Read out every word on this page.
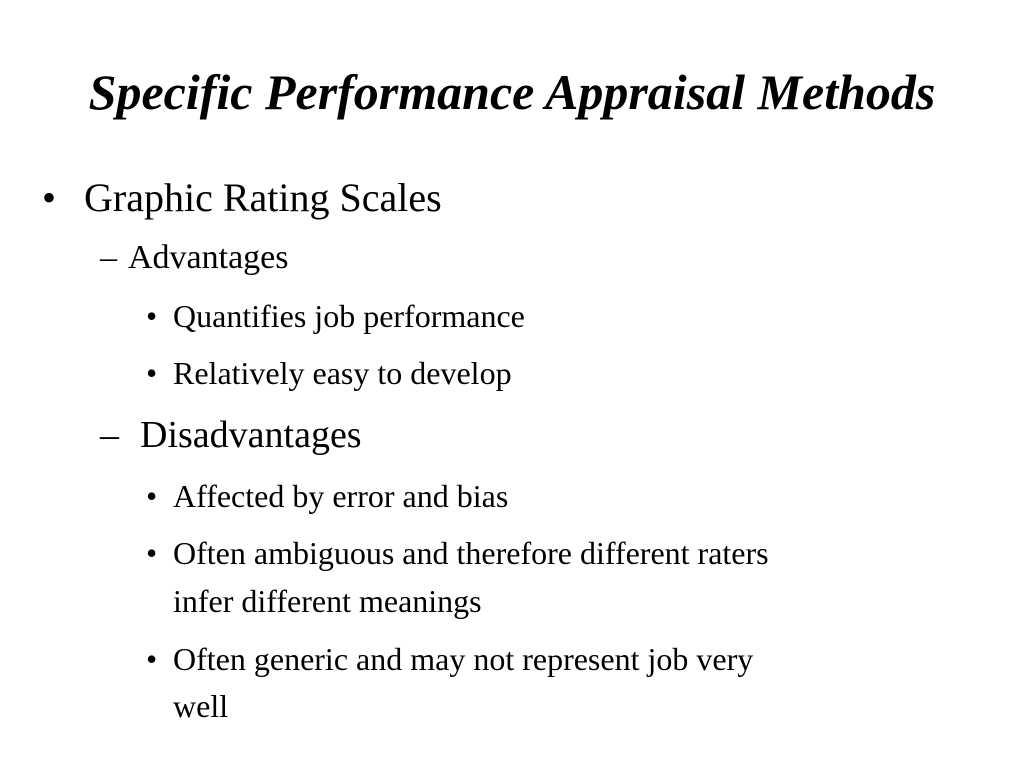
Specific Performance Appraisal Methods
• Graphic Rating Scales
– Advantages
• Quantifies job performance
• Relatively easy to develop
– Disadvantages
• Affected by error and bias
• Often ambiguous and therefore different raters
infer different meanings
• Often generic and may not represent job very
well
